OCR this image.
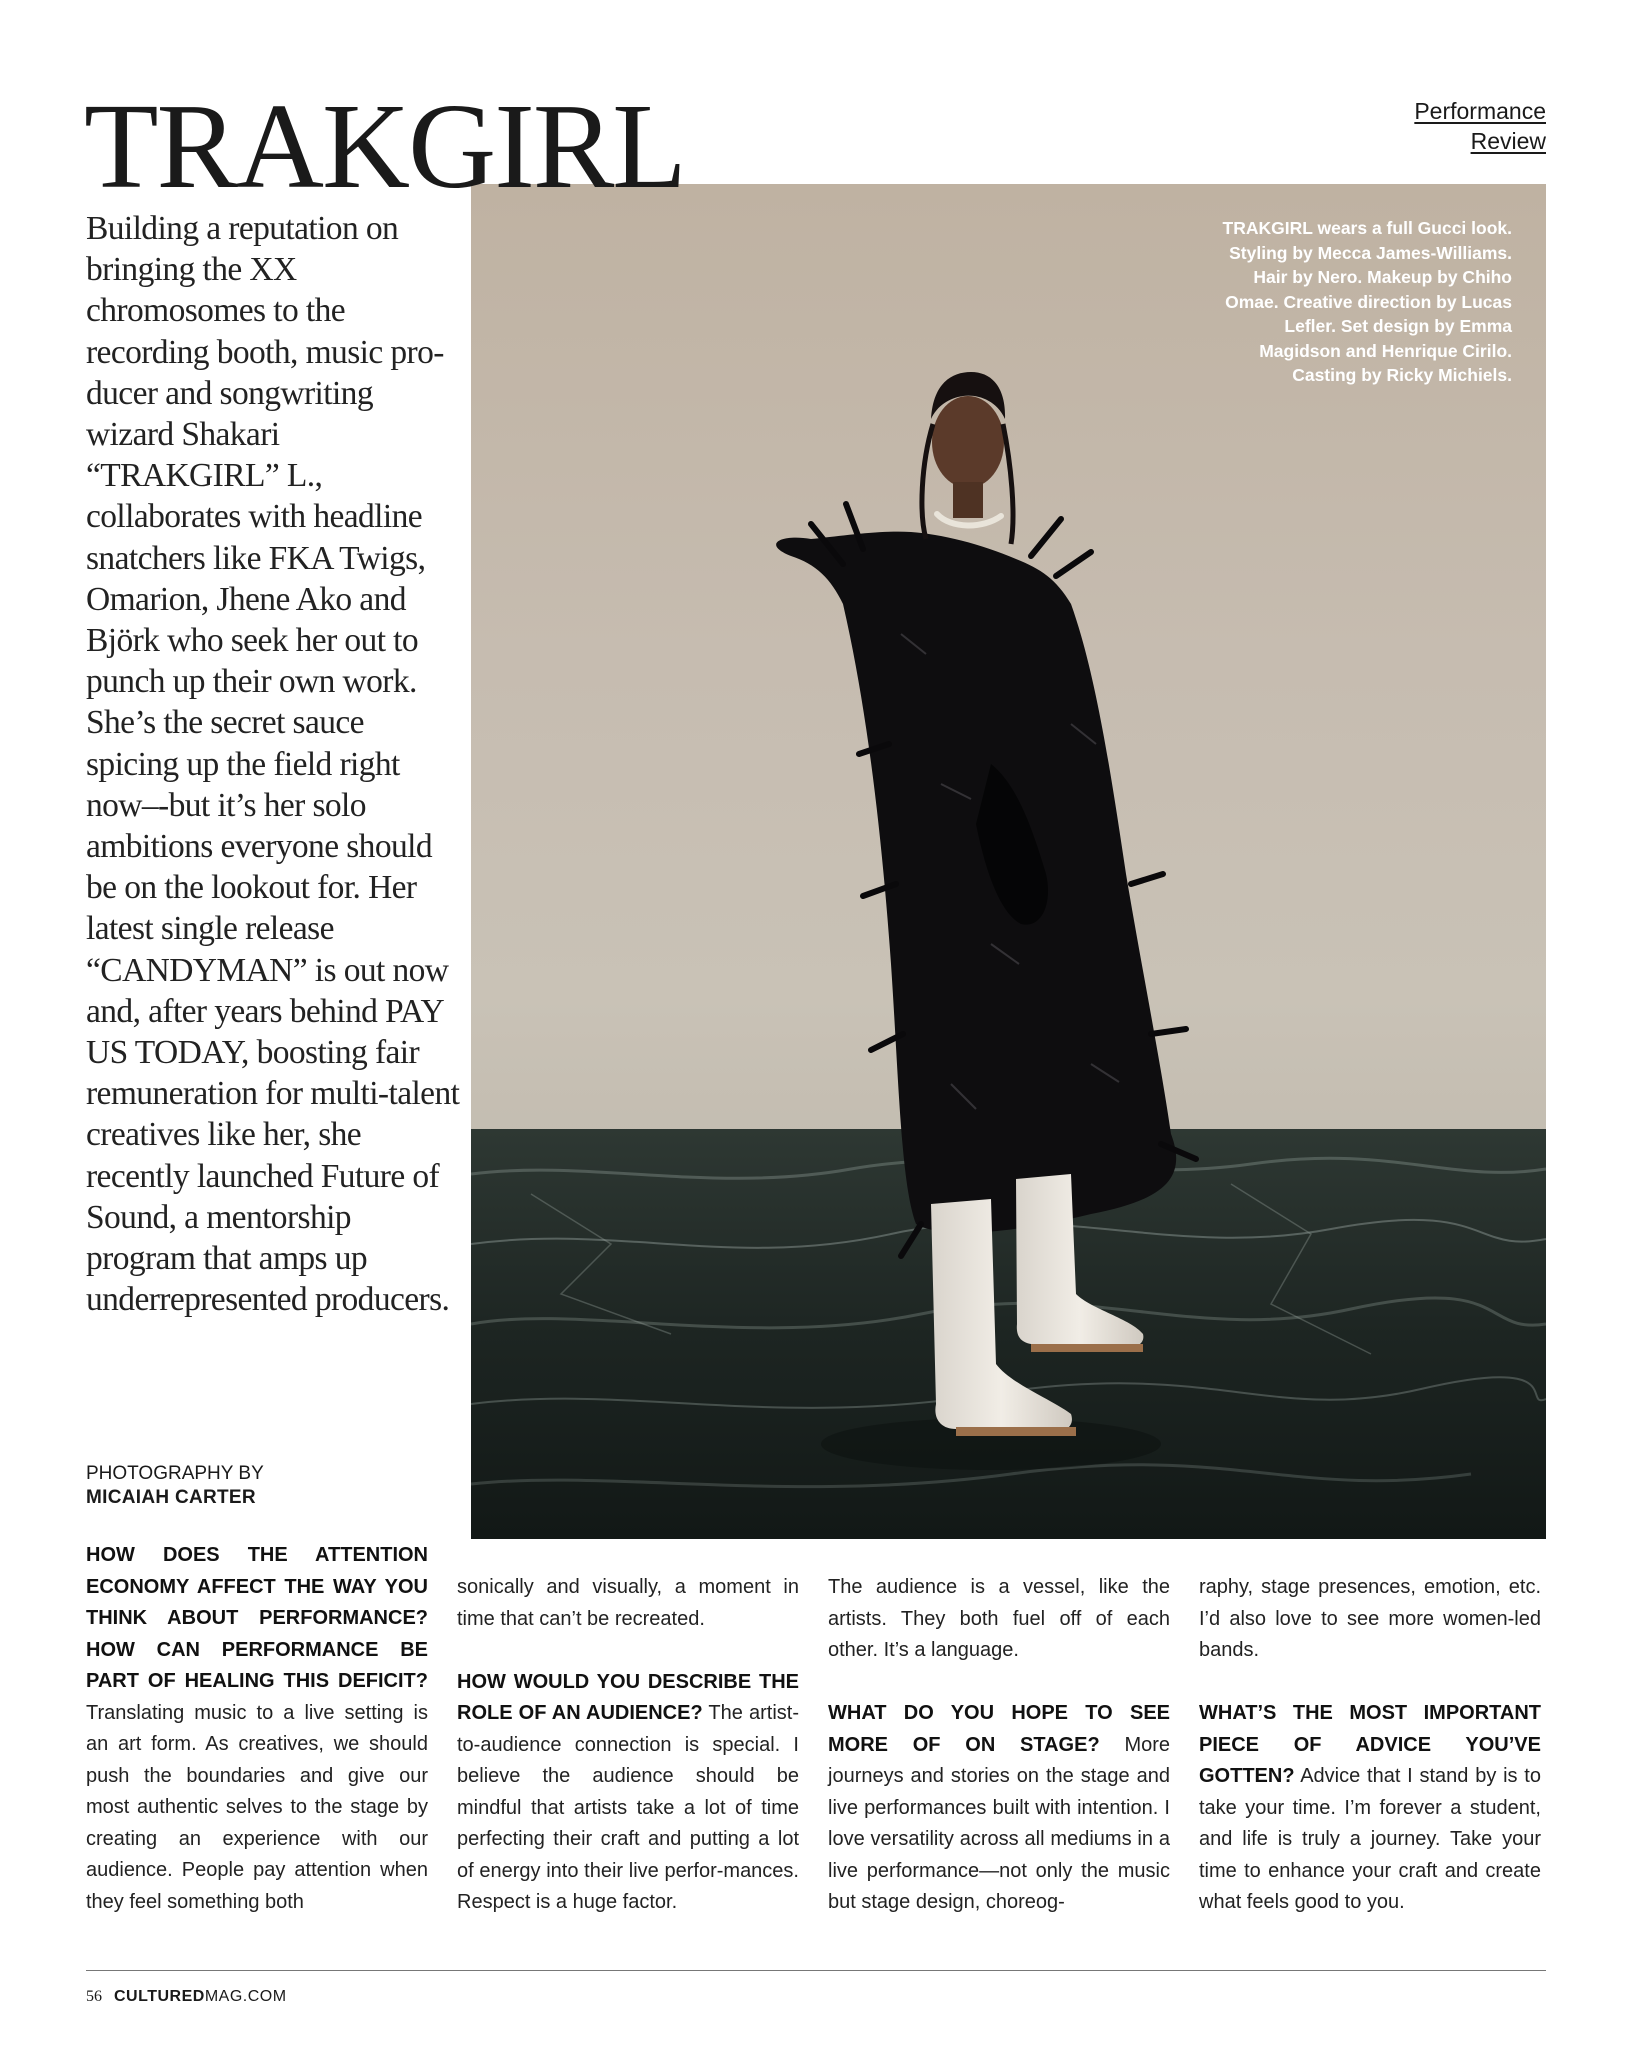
TRAKGIRL	Performance
Review
TRAKGIRL wears a full Gucci look. Styling by Mecca James-Williams. Hair by Nero. Makeup by Chiho Omae. Creative direction by Lucas Lefler. Set design by Emma Magidson and Henrique Cirilo. Casting by Ricky Michiels.

Building a reputation on bringing the XX chromosomes to the recording booth, music pro-ducer and songwriting wizard Shakari “TRAKGIRL” L., collaborates with headline snatchers like FKA Twigs, Omarion, Jhene Ako and Björk who seek her out to punch up their own work. She’s the secret sauce spicing up the field right now–-but it’s her solo ambitions everyone should be on the lookout for. Her latest single release “CANDYMAN” is out now and, after years behind PAY US TODAY, boosting fair remuneration for multi-talent creatives like her, she recently launched Future of Sound, a mentorship program that amps up underrepresented producers.

PHOTOGRAPHY BY
MICAIAH CARTER

HOW DOES THE ATTENTION ECONOMY AFFECT THE WAY YOU THINK ABOUT PERFORMANCE? HOW CAN PERFORMANCE BE PART OF HEALING THIS DEFICIT? Translating music to a live setting is an art form. As creatives, we should push the boundaries and give our most authentic selves to the stage by creating an experience with our audience. People pay attention when they feel something both

sonically and visually, a moment in time that can’t be recreated.

HOW WOULD YOU DESCRIBE THE ROLE OF AN AUDIENCE? The artist-to-audience connection is special. I believe the audience should be mindful that artists take a lot of time perfecting their craft and putting a lot of energy into their live perfor-mances. Respect is a huge factor.

The audience is a vessel, like the artists. They both fuel off of each other. It’s a language.

WHAT DO YOU HOPE TO SEE MORE OF ON STAGE? More journeys and stories on the stage and live performances built with intention. I love versatility across all mediums in a live performance—not only the music but stage design, choreog-

raphy, stage presences, emotion, etc. I’d also love to see more women-led bands.

WHAT’S THE MOST IMPORTANT PIECE OF ADVICE YOU’VE GOTTEN? Advice that I stand by is to take your time. I’m forever a student, and life is truly a journey. Take your time to enhance your craft and create what feels good to you.

56 CULTUREDMAG.COM
